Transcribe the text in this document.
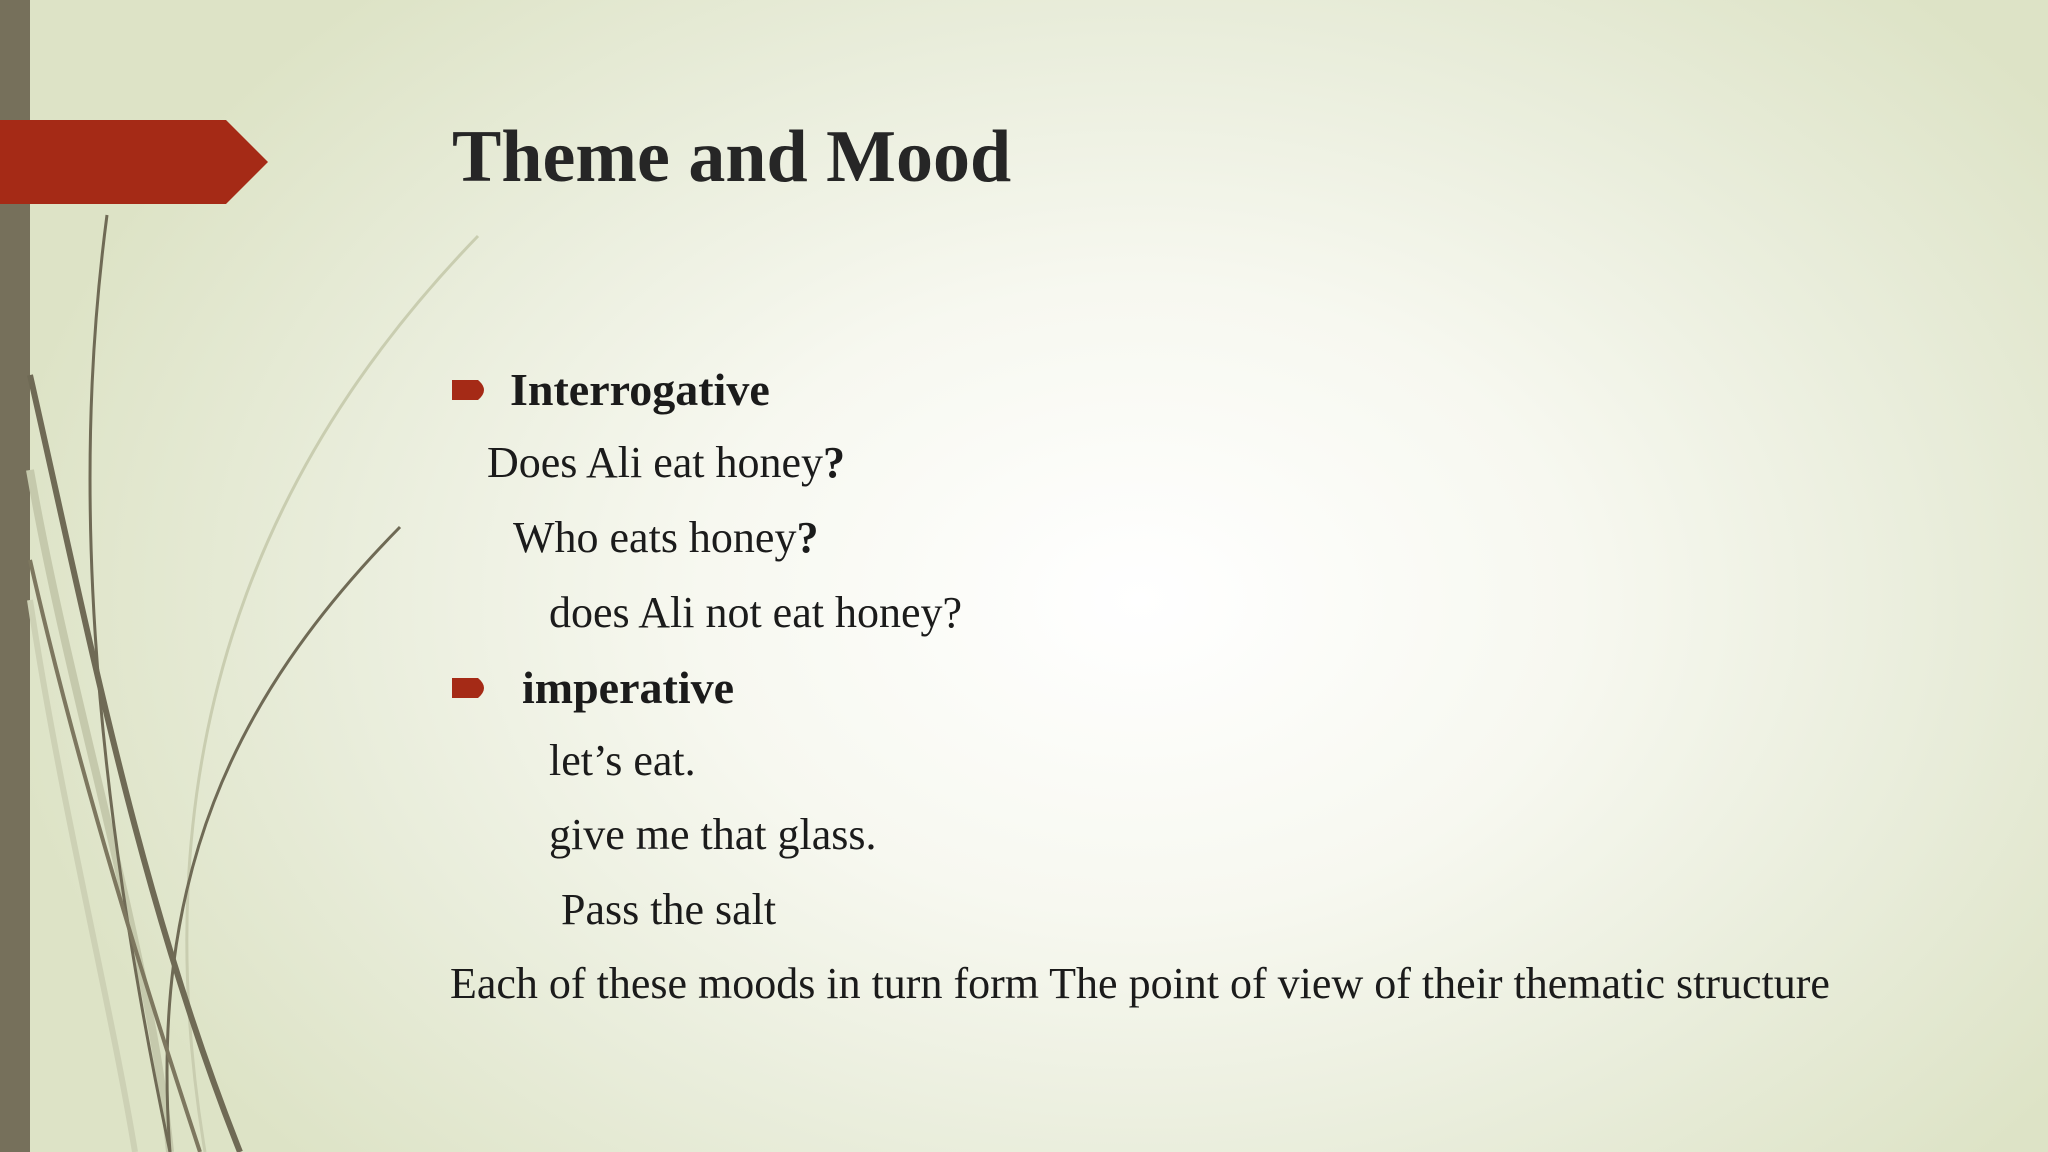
Theme and Mood
Interrogative

Does Ali eat honey?

Who eats honey?

does Ali not eat honey?

imperative

let’s eat.

give me that glass.

Pass the salt

Each of these moods in turn form The point of view of their thematic structure
